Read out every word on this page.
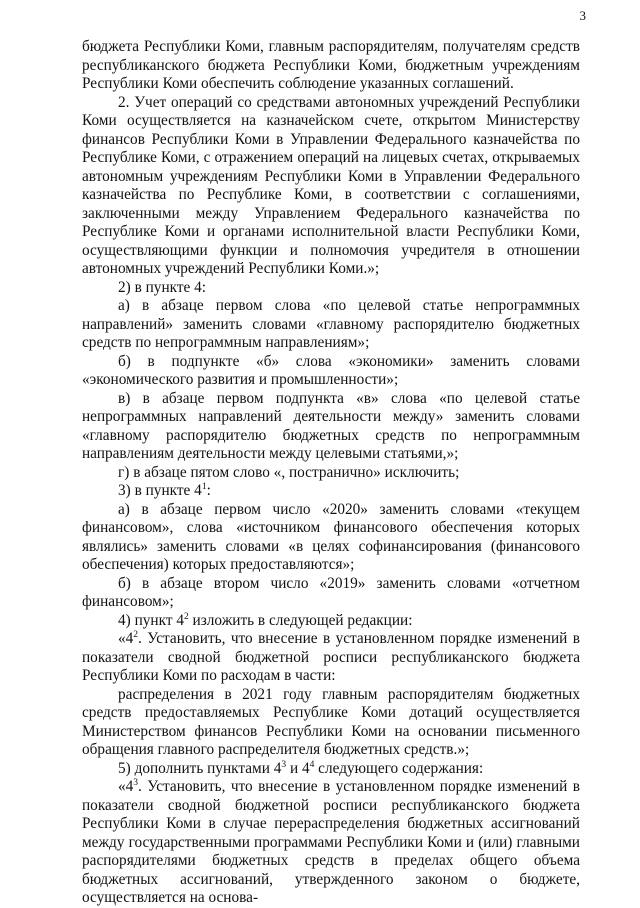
3

бюджета Республики Коми, главным распорядителям, получателям средств республиканского бюджета Республики Коми, бюджетным учреждениям Республики Коми обеспечить соблюдение указанных соглашений.

2. Учет операций со средствами автономных учреждений Республики Коми осуществляется на казначейском счете, открытом Министерству финансов Республики Коми в Управлении Федерального казначейства по Республике Коми, с отражением операций на лицевых счетах, открываемых автономным учреждениям Республики Коми в Управлении Федерального казначейства по Республике Коми, в соответствии с соглашениями, заключенными между Управлением Федерального казначейства по Республике Коми и органами исполнительной власти Республики Коми, осуществляющими функции и полномочия учредителя в отношении автономных учреждений Республики Коми.»;

2) в пункте 4:

а) в абзаце первом слова «по целевой статье непрограммных направлений» заменить словами «главному распорядителю бюджетных средств по непрограммным направлениям»;

б) в подпункте «б» слова «экономики» заменить словами «экономического развития и промышленности»;

в) в абзаце первом подпункта «в» слова «по целевой статье непрограммных направлений деятельности между» заменить словами «главному распорядителю бюджетных средств по непрограммным направлениям деятельности между целевыми статьями,»;

г) в абзаце пятом слово «, постранично» исключить;

3) в пункте $4^1$:

а) в абзаце первом число «2020» заменить словами «текущем финансовом», слова «источником финансового обеспечения которых являлись» заменить словами «в целях софинансирования (финансового обеспечения) которых предоставляются»;

б) в абзаце втором число «2019» заменить словами «отчетном финансовом»;

4) пункт $4^2$ изложить в следующей редакции:

«$4^2$. Установить, что внесение в установленном порядке изменений в показатели сводной бюджетной росписи республиканского бюджета Республики Коми по расходам в части:

распределения в 2021 году главным распорядителям бюджетных средств предоставляемых Республике Коми дотаций осуществляется Министерством финансов Республики Коми на основании письменного обращения главного распределителя бюджетных средств.»;

5) дополнить пунктами $4^3$ и $4^4$ следующего содержания:

«$4^3$. Установить, что внесение в установленном порядке изменений в показатели сводной бюджетной росписи республиканского бюджета Республики Коми в случае перераспределения бюджетных ассигнований между государственными программами Республики Коми и (или) главными распорядителями бюджетных средств в пределах общего объема бюджетных ассигнований, утвержденного законом о бюджете, осуществляется на основа-
